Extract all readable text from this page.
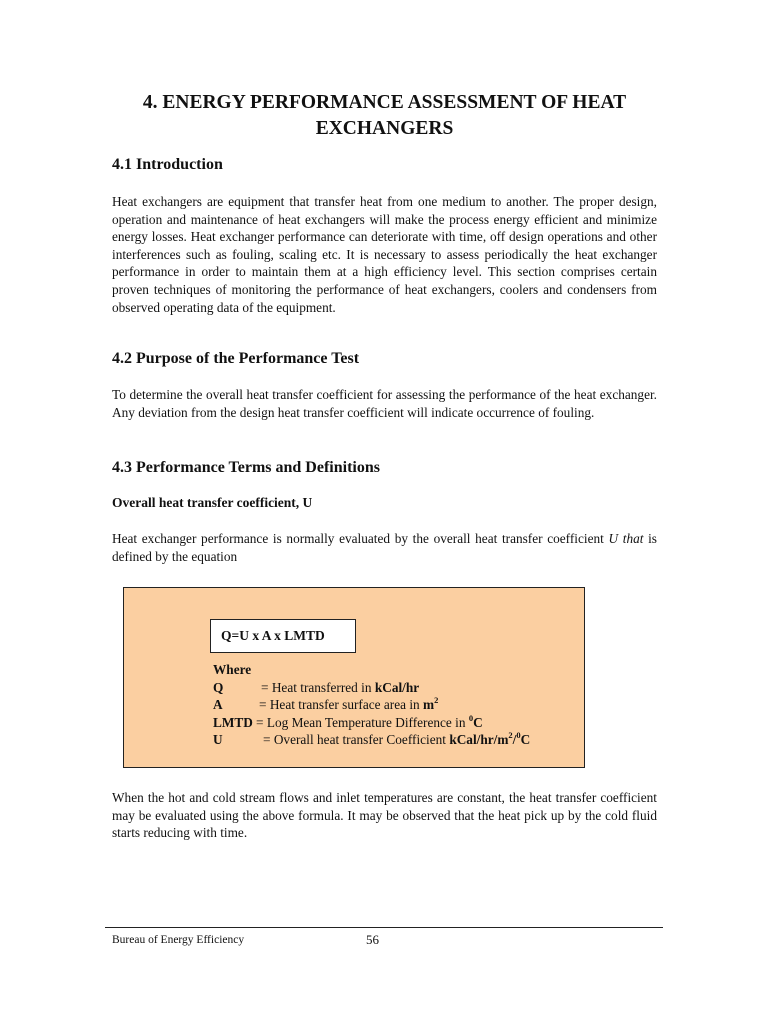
4. ENERGY PERFORMANCE ASSESSMENT OF HEAT EXCHANGERS
4.1 Introduction
Heat exchangers are equipment that transfer heat from one medium to another. The proper design, operation and maintenance of heat exchangers will make the process energy efficient and minimize energy losses. Heat exchanger performance can deteriorate with time, off design operations and other interferences such as fouling, scaling etc. It is necessary to assess periodically the heat exchanger performance in order to maintain them at a high efficiency level. This section comprises certain proven techniques of monitoring the performance of heat exchangers, coolers and condensers from observed operating data of the equipment.
4.2 Purpose of the Performance Test
To determine the overall heat transfer coefficient for assessing the performance of the heat exchanger. Any deviation from the design heat transfer coefficient will indicate occurrence of fouling.
4.3 Performance Terms and Definitions
Overall heat transfer coefficient, U
Heat exchanger performance is normally evaluated by the overall heat transfer coefficient U that is defined by the equation
Q=U x A x LMTD
Where
Q	= Heat transferred in kCal/hr
A	= Heat transfer surface area in $m^2$
LMTD = Log Mean Temperature Difference in $^0$C
U	= Overall heat transfer Coefficient kCal/$hr/m^2/^0C$
When the hot and cold stream flows and inlet temperatures are constant, the heat transfer coefficient may be evaluated using the above formula. It may be observed that the heat pick up by the cold fluid starts reducing with time.
Bureau of Energy Efficiency	56
